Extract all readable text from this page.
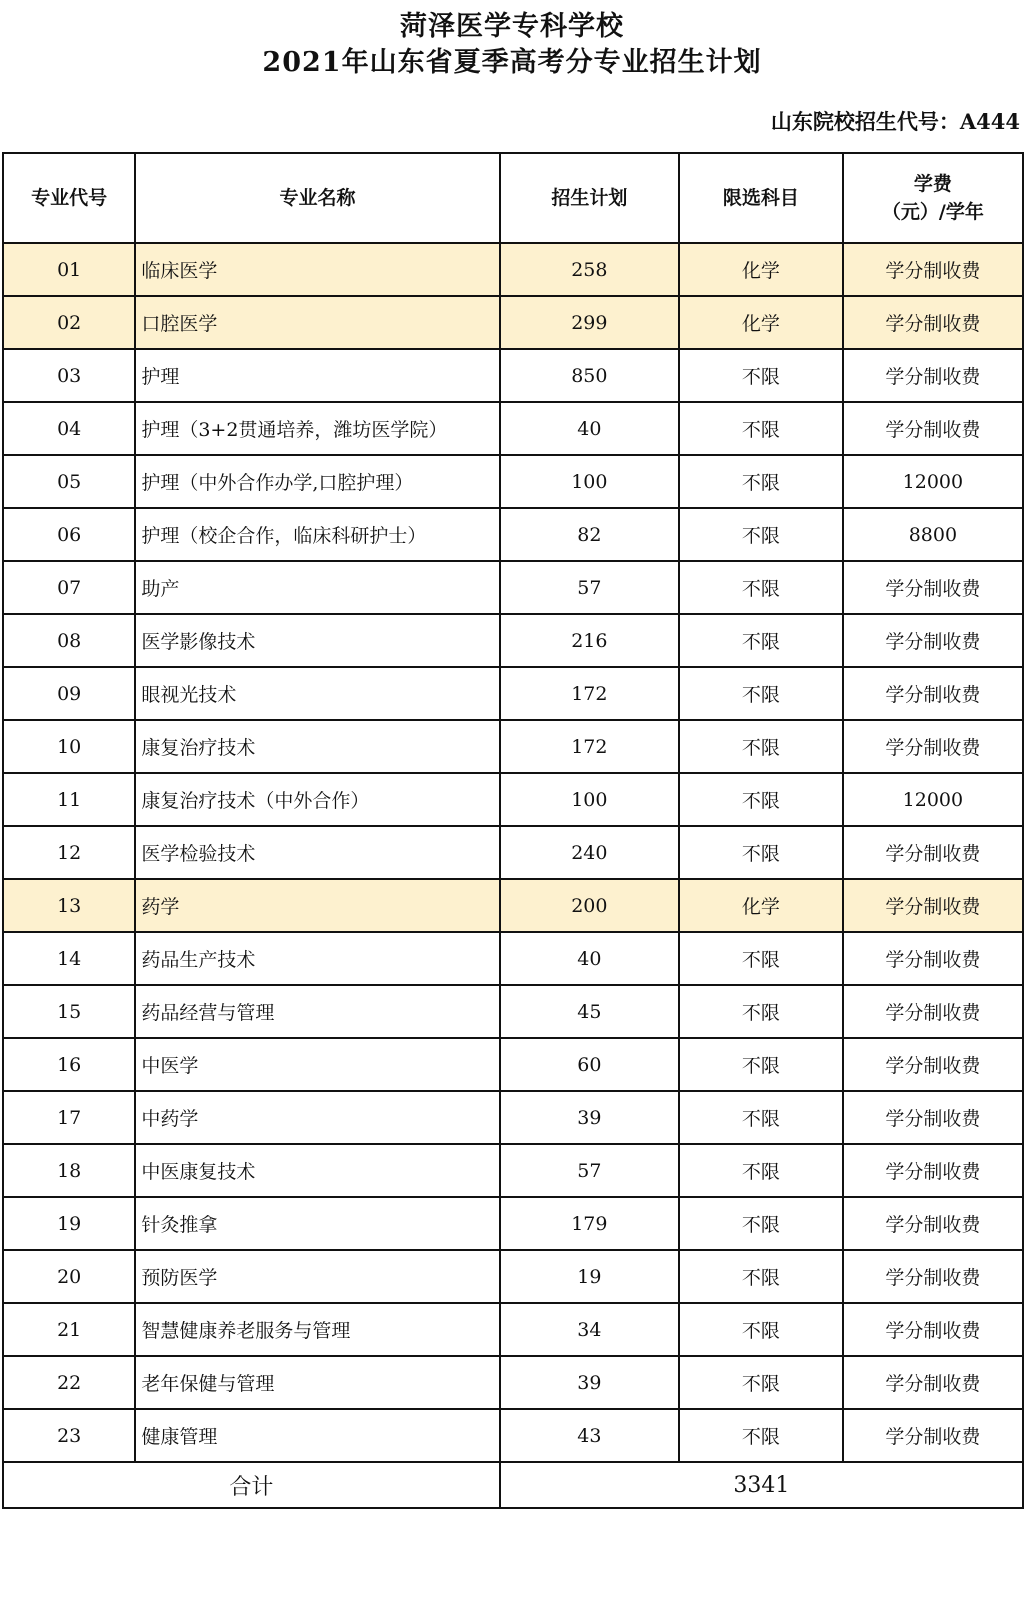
菏泽医学专科学校
2021年山东省夏季高考分专业招生计划
山东院校招生代号：A444
专业代号	专业名称	招生计划	限选科目	学费
（元）/学年

01	临床医学	258	化学	学分制收费
02	口腔医学	299	化学	学分制收费
03	护理	850	不限	学分制收费
04	护理（3+2贯通培养，潍坊医学院）	40	不限	学分制收费
05	护理（中外合作办学,口腔护理）	100	不限	12000
06	护理（校企合作，临床科研护士）	82	不限	8800
07	助产	57	不限	学分制收费
08	医学影像技术	216	不限	学分制收费
09	眼视光技术	172	不限	学分制收费
10	康复治疗技术	172	不限	学分制收费
11	康复治疗技术（中外合作）	100	不限	12000
12	医学检验技术	240	不限	学分制收费
13	药学	200	化学	学分制收费
14	药品生产技术	40	不限	学分制收费
15	药品经营与管理	45	不限	学分制收费
16	中医学	60	不限	学分制收费
17	中药学	39	不限	学分制收费
18	中医康复技术	57	不限	学分制收费
19	针灸推拿	179	不限	学分制收费
20	预防医学	19	不限	学分制收费
21	智慧健康养老服务与管理	34	不限	学分制收费
22	老年保健与管理	39	不限	学分制收费
23	健康管理	43	不限	学分制收费
合计		3341		
